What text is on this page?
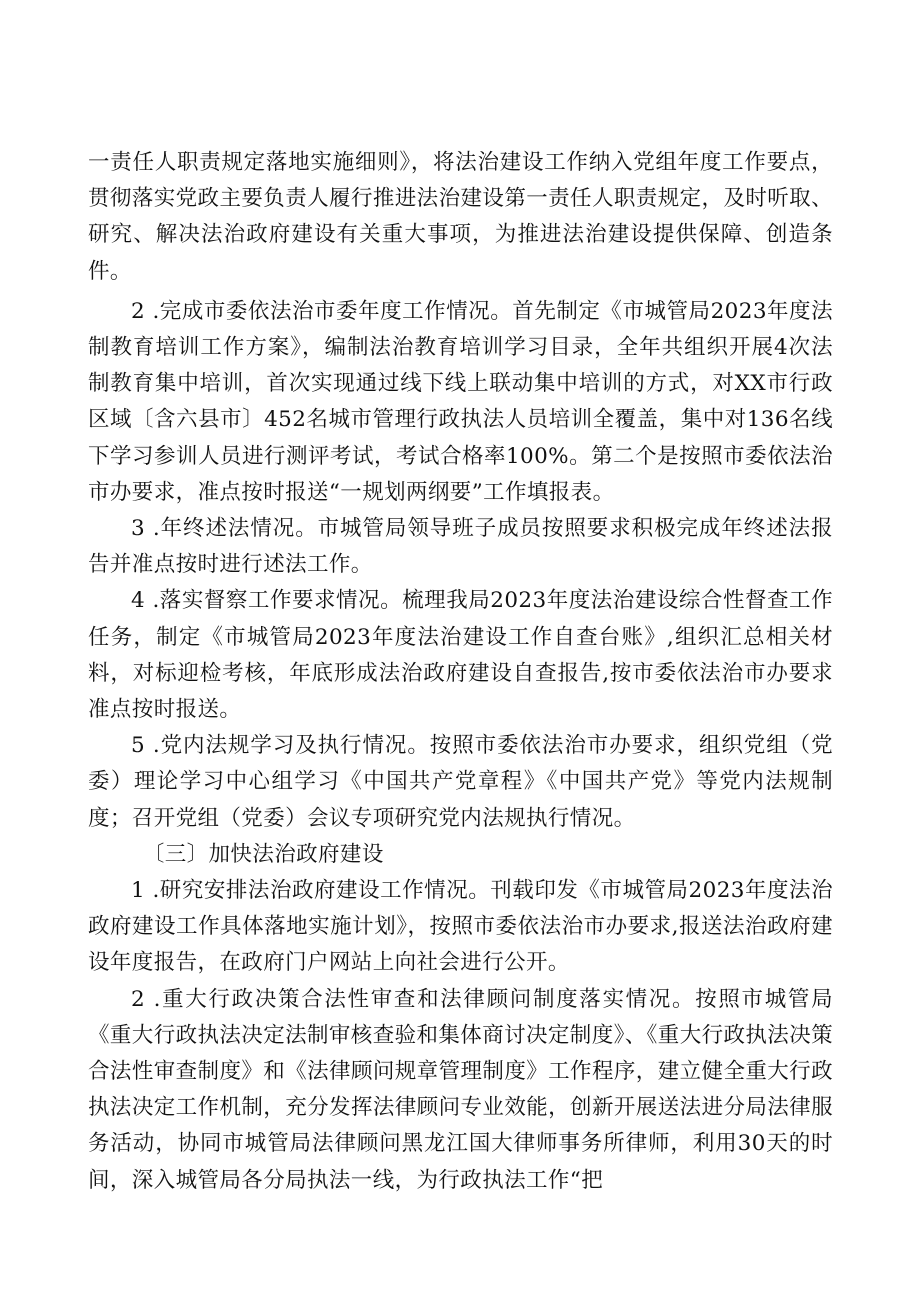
一责任人职责规定落地实施细则》，将法治建设工作纳入党组年度工作要点，贯彻落实党政主要负责人履行推进法治建设第一责任人职责规定，及时听取、研究、解决法治政府建设有关重大事项，为推进法治建设提供保障、创造条件。

2 .完成市委依法治市委年度工作情况。首先制定《市城管局2023年度法制教育培训工作方案》，编制法治教育培训学习目录，全年共组织开展4次法制教育集中培训，首次实现通过线下线上联动集中培训的方式，对XX市行政区域〔含六县市〕452名城市管理行政执法人员培训全覆盖，集中对136名线下学习参训人员进行测评考试，考试合格率100%。第二个是按照市委依法治市办要求，准点按时报送“一规划两纲要”工作填报表。

3 .年终述法情况。市城管局领导班子成员按照要求积极完成年终述法报告并准点按时进行述法工作。

4 .落实督察工作要求情况。梳理我局2023年度法治建设综合性督查工作任务，制定《市城管局2023年度法治建设工作自查台账》,组织汇总相关材料，对标迎检考核，年底形成法治政府建设自查报告,按市委依法治市办要求准点按时报送。

5 .党内法规学习及执行情况。按照市委依法治市办要求，组织党组（党委）理论学习中心组学习《中国共产党章程》《中国共产党》等党内法规制度；召开党组（党委）会议专项研究党内法规执行情况。

〔三〕加快法治政府建设

1 .研究安排法治政府建设工作情况。刊载印发《市城管局2023年度法治政府建设工作具体落地实施计划》，按照市委依法治市办要求,报送法治政府建设年度报告，在政府门户网站上向社会进行公开。

2 .重大行政决策合法性审查和法律顾问制度落实情况。按照市城管局《重大行政执法决定法制审核查验和集体商讨决定制度》、《重大行政执法决策合法性审查制度》和《法律顾问规章管理制度》工作程序，建立健全重大行政执法决定工作机制，充分发挥法律顾问专业效能，创新开展送法进分局法律服务活动，协同市城管局法律顾问黑龙江国大律师事务所律师，利用30天的时间，深入城管局各分局执法一线，为行政执法工作“把
